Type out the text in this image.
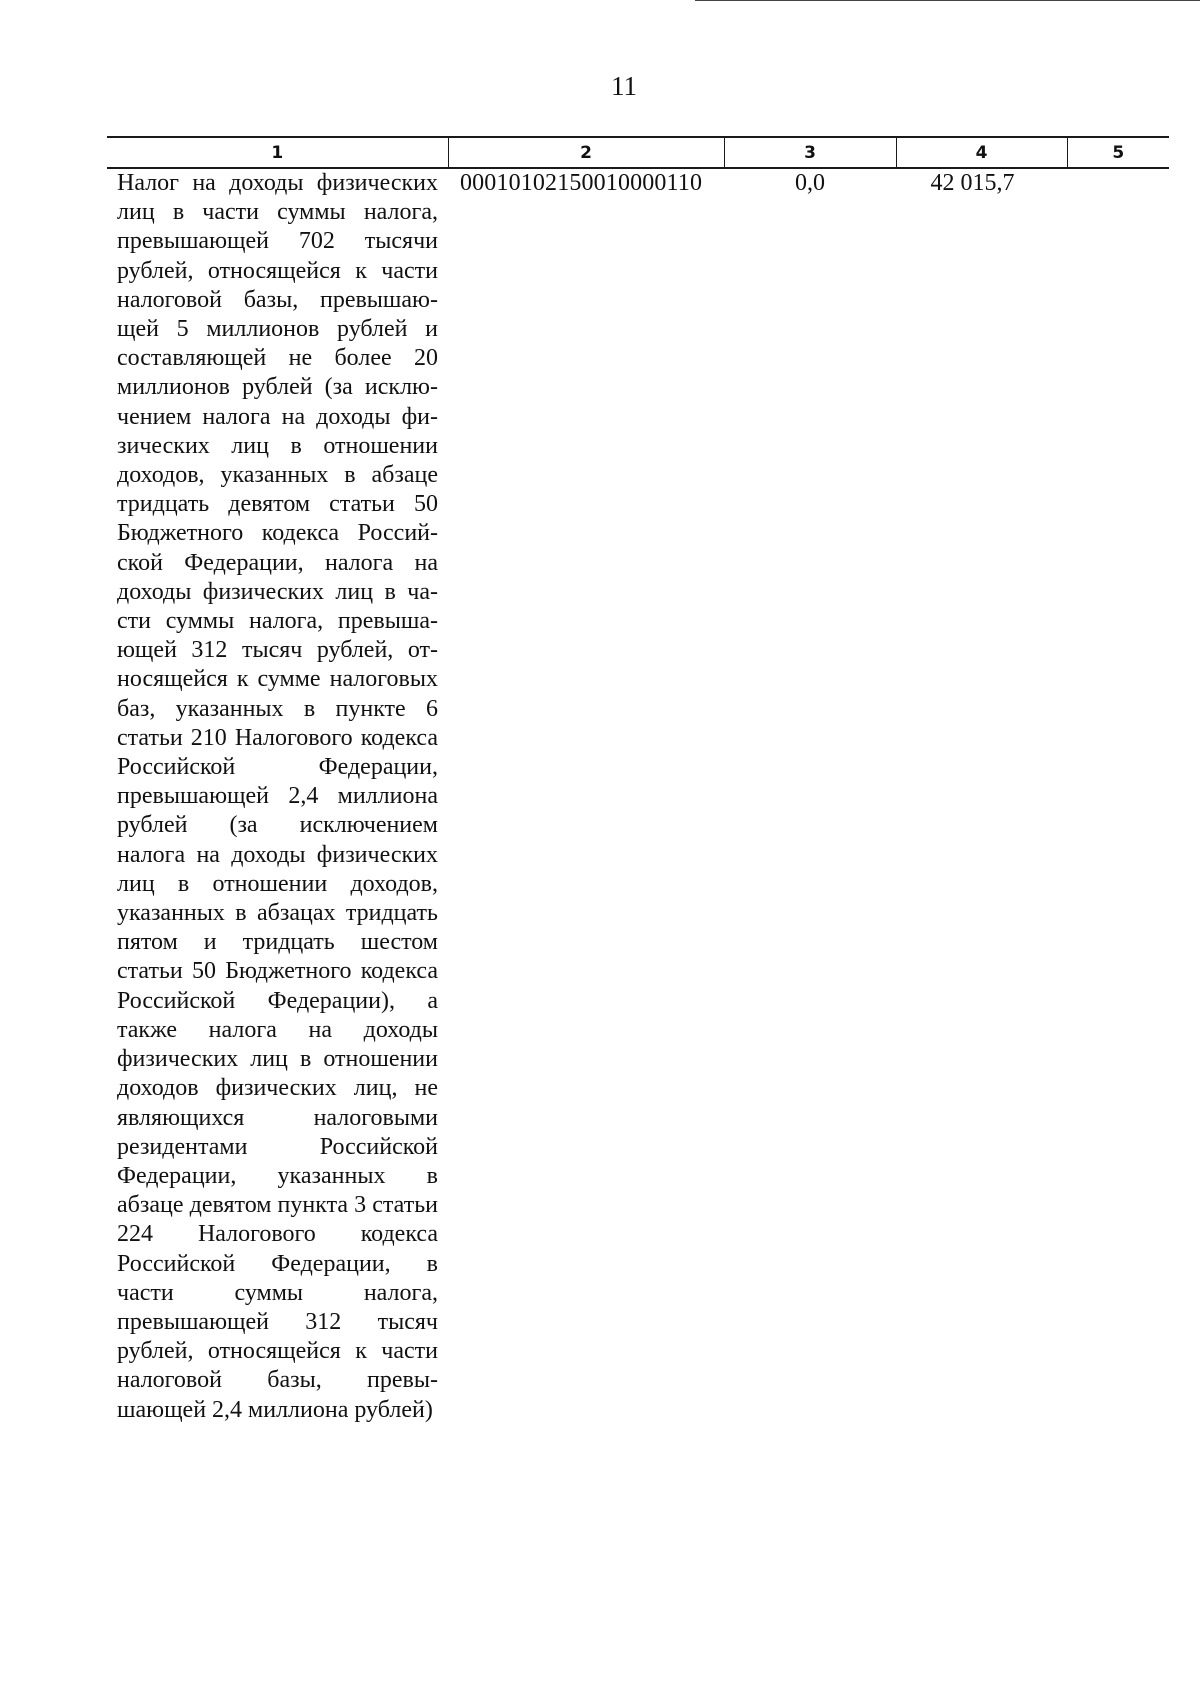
11
1	2	3	4	5
Налог на доходы физических лиц в части суммы налога, превышающей 702 тысячи рублей, относящейся к части налоговой базы, превышающей 5 миллионов рублей и составляющей не более 20 миллионов рублей (за исключением налога на доходы физических лиц в отношении доходов, указанных в абзаце тридцать девятом статьи 50 Бюджетного кодекса Российской Федерации, налога на доходы физических лиц в части суммы налога, превышающей 312 тысяч рублей, относящейся к сумме налоговых баз, указанных в пункте 6 статьи 210 Налогового кодекса Российской Федерации, превышающей 2,4 миллиона рублей (за исключением налога на доходы физических лиц в отношении доходов, указанных в абзацах тридцать пятом и тридцать шестом статьи 50 Бюджетного кодекса Российской Федерации), а также налога на доходы физических лиц в отношении доходов физических лиц, не являющихся налоговыми резидентами Российской Федерации, указанных в абзаце девятом пункта 3 статьи 224 Налогового кодекса Российской Федерации, в части суммы налога, превышающей 312 тысяч рублей, относящейся к части налоговой базы, превышающей 2,4 миллиона рублей)	00010102150010000110	0,0	42 015,7	
